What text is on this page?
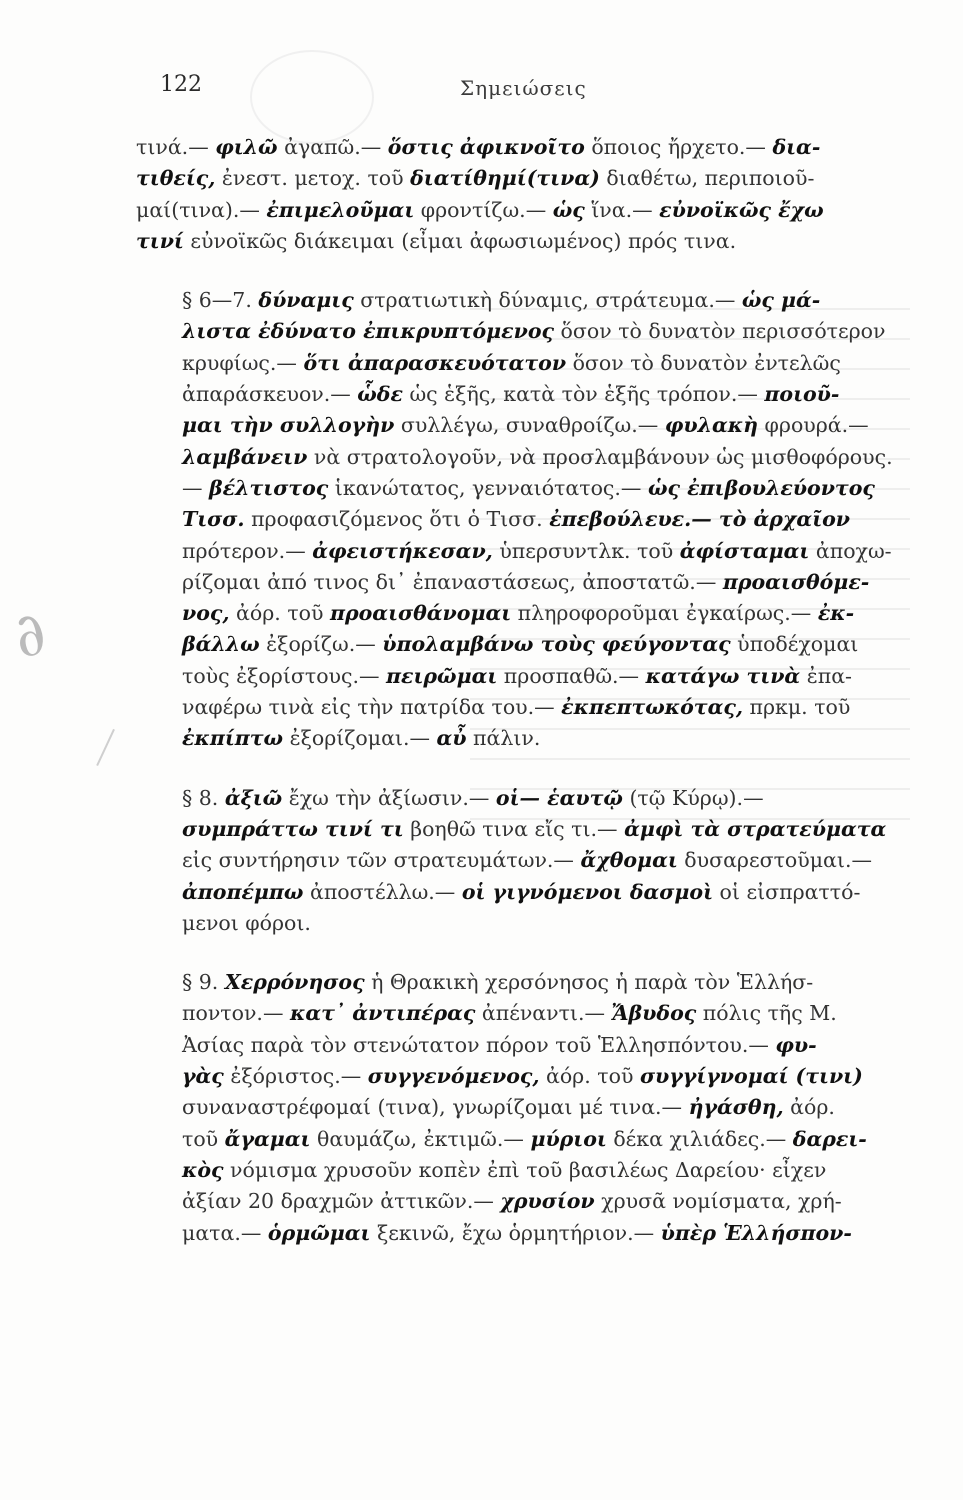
122	Σημειώσεις
∂

τινά.— φιλῶ ἀγαπῶ.— ὅστις ἀφικνοῖτο ὅποιος ἤρχετο.— δια-
τιθείς, ἐνεστ. μετοχ. τοῦ διατίθημί(τινα) διαθέτω, περιποιοῦ-
μαί(τινα).— ἐπιμελοῦμαι φροντίζω.— ὡς ἵνα.— εὐνοϊκῶς ἔχω
τινί εὐνοϊκῶς διάκειμαι (εἶμαι ἀφωσιωμένος) πρός τινα.

§ 6—7. δύναμις στρατιωτικὴ δύναμις, στράτευμα.— ὡς μά-
λιστα ἐδύνατο ἐπικρυπτόμενος ὅσον τὸ δυνατὸν περισσότερον
κρυφίως.— ὅτι ἀπαρασκευότατον ὅσον τὸ δυνατὸν ἐντελῶς
ἀπαράσκευον.— ὧδε ὡς ἑξῆς, κατὰ τὸν ἑξῆς τρόπον.— ποιοῦ-
μαι τὴν συλλογὴν συλλέγω, συναθροίζω.— φυλακὴ φρουρά.—
λαμβάνειν νὰ στρατολογοῦν, νὰ προσλαμβάνουν ὡς μισθοφόρους.
— βέλτιστος ἱκανώτατος, γενναιότατος.— ὡς ἐπιβουλεύοντος
Τισσ. προφασιζόμενος ὅτι ὁ Τισσ. ἐπεβούλευε.— τὸ ἀρχαῖον
πρότερον.— ἀφειστήκεσαν, ὑπερσυντλκ. τοῦ ἀφίσταμαι ἀποχω-
ρίζομαι ἀπό τινος δι᾽ ἐπαναστάσεως, ἀποστατῶ.— προαισθόμε-
νος, ἀόρ. τοῦ προαισθάνομαι πληροφοροῦμαι ἐγκαίρως.— ἐκ-
βάλλω ἐξορίζω.— ὑπολαμβάνω τοὺς φεύγοντας ὑποδέχομαι
τοὺς ἐξορίστους.— πειρῶμαι προσπαθῶ.— κατάγω τινὰ ἐπα-
ναφέρω τινὰ εἰς τὴν πατρίδα του.— ἐκπεπτωκότας, πρκμ. τοῦ
ἐκπίπτω ἐξορίζομαι.— αὖ πάλιν.

§ 8. ἀξιῶ ἔχω τὴν ἀξίωσιν.— οἱ— ἑαυτῷ (τῷ Κύρῳ).—
συμπράττω τινί τι βοηθῶ τινα εἴς τι.— ἀμφὶ τὰ στρατεύματα
εἰς συντήρησιν τῶν στρατευμάτων.— ἄχθομαι δυσαρεστοῦμαι.—
ἀποπέμπω ἀποστέλλω.— οἱ γιγνόμενοι δασμοὶ οἱ εἰσπραττό-
μενοι φόροι.

§ 9. Χερρόνησος ἡ Θρακικὴ χερσόνησος ἡ παρὰ τὸν Ἑλλήσ-
ποντον.— κατ᾽ ἀντιπέρας ἀπέναντι.— Ἄβυδος πόλις τῆς Μ.
Ἀσίας παρὰ τὸν στενώτατον πόρον τοῦ Ἑλλησπόντου.— φυ-
γὰς ἐξόριστος.— συγγενόμενος, ἀόρ. τοῦ συγγίγνομαί (τινι)
συναναστρέφομαί (τινα), γνωρίζομαι μέ τινα.— ἠγάσθη, ἀόρ.
τοῦ ἄγαμαι θαυμάζω, ἐκτιμῶ.— μύριοι δέκα χιλιάδες.— δαρει-
κὸς νόμισμα χρυσοῦν κοπὲν ἐπὶ τοῦ βασιλέως Δαρείου· εἶχεν
ἀξίαν 20 δραχμῶν ἀττικῶν.— χρυσίον χρυσᾶ νομίσματα, χρή-
ματα.— ὁρμῶμαι ξεκινῶ, ἔχω ὁρμητήριον.— ὑπὲρ Ἑλλήσπον-
